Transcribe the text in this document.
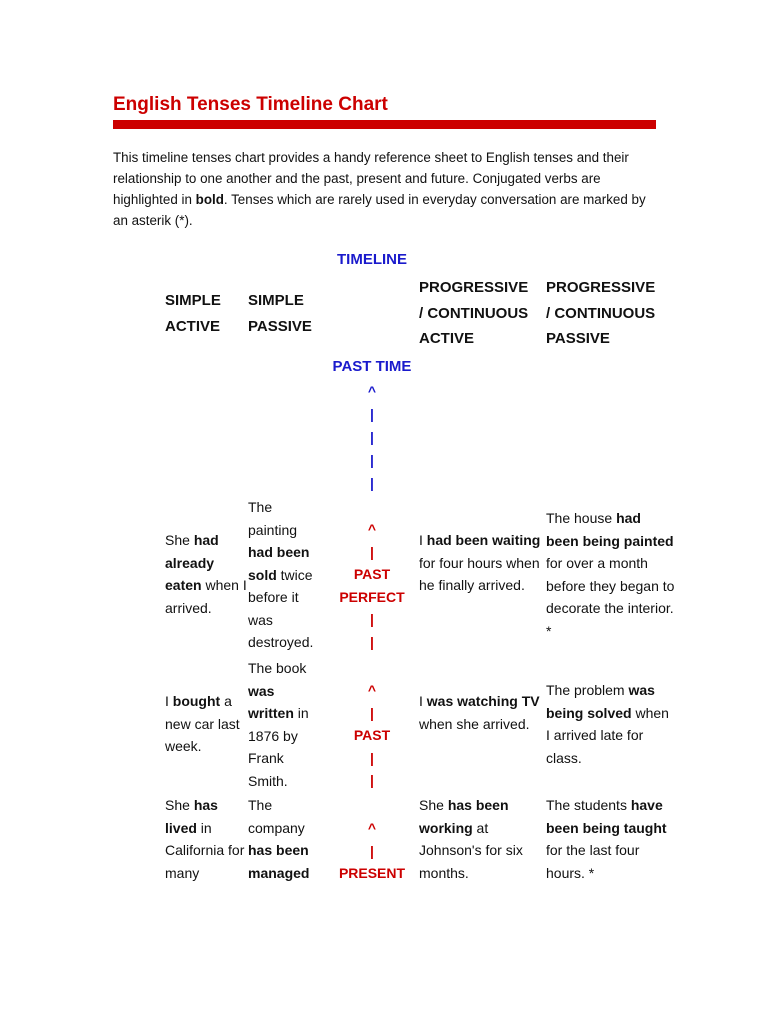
English Tenses Timeline Chart

This timeline tenses chart provides a handy reference sheet to English tenses and their relationship to one another and the past, present and future. Conjugated verbs are highlighted in bold. Tenses which are rarely used in everyday conversation are marked by an asterik (*).

TIMELINE
SIMPLE
ACTIVE
SIMPLE
PASSIVE
PROGRESSIVE
/ CONTINUOUS
ACTIVE
PROGRESSIVE
/ CONTINUOUS
PASSIVE
PAST TIME
^
|
|
|
|
She had already eaten when I arrived.
The painting had been sold twice before it was destroyed.
^
|
PAST
PERFECT
|
|
I had been waiting for four hours when he finally arrived.
The house had been being painted for over a month before they began to decorate the interior. *
I bought a new car last week.
The book was written in 1876 by Frank Smith.
^
|
PAST
|
|
I was watching TV when she arrived.
The problem was being solved when I arrived late for class.
She has lived in California for many
The company has been managed
^
|
PRESENT
She has been working at Johnson's for six months.
The students have been being taught for the last four hours. *
